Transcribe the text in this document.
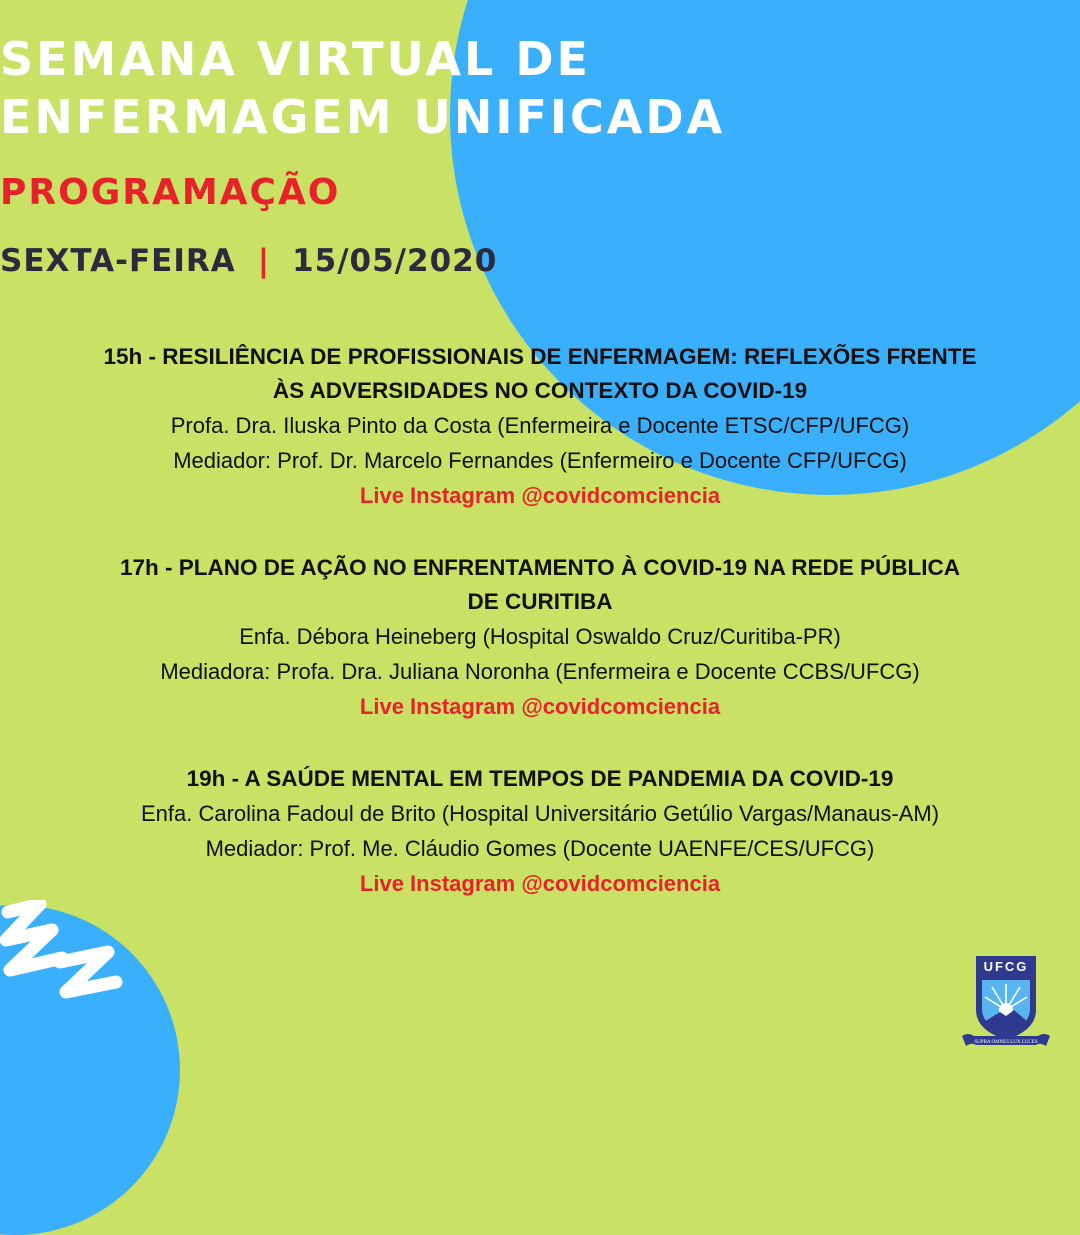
SEMANA VIRTUAL DE
ENFERMAGEM UNIFICADA
PROGRAMAÇÃO
SEXTA-FEIRA | 15/05/2020
15h - RESILIÊNCIA DE PROFISSIONAIS DE ENFERMAGEM: REFLEXÕES FRENTE
ÀS ADVERSIDADES NO CONTEXTO DA COVID-19
Profa. Dra. Iluska Pinto da Costa (Enfermeira e Docente ETSC/CFP/UFCG)
Mediador: Prof. Dr. Marcelo Fernandes (Enfermeiro e Docente CFP/UFCG)
Live Instagram @covidcomciencia
17h - PLANO DE AÇÃO NO ENFRENTAMENTO À COVID-19 NA REDE PÚBLICA
DE CURITIBA
Enfa. Débora Heineberg (Hospital Oswaldo Cruz/Curitiba-PR)
Mediadora: Profa. Dra. Juliana Noronha (Enfermeira e Docente CCBS/UFCG)
Live Instagram @covidcomciencia
19h - A SAÚDE MENTAL EM TEMPOS DE PANDEMIA DA COVID-19
Enfa. Carolina Fadoul de Brito (Hospital Universitário Getúlio Vargas/Manaus-AM)
Mediador: Prof. Me. Cláudio Gomes (Docente UAENFE/CES/UFCG)
Live Instagram @covidcomciencia
UFCG
SUPRA OMNES LUX LUCES
